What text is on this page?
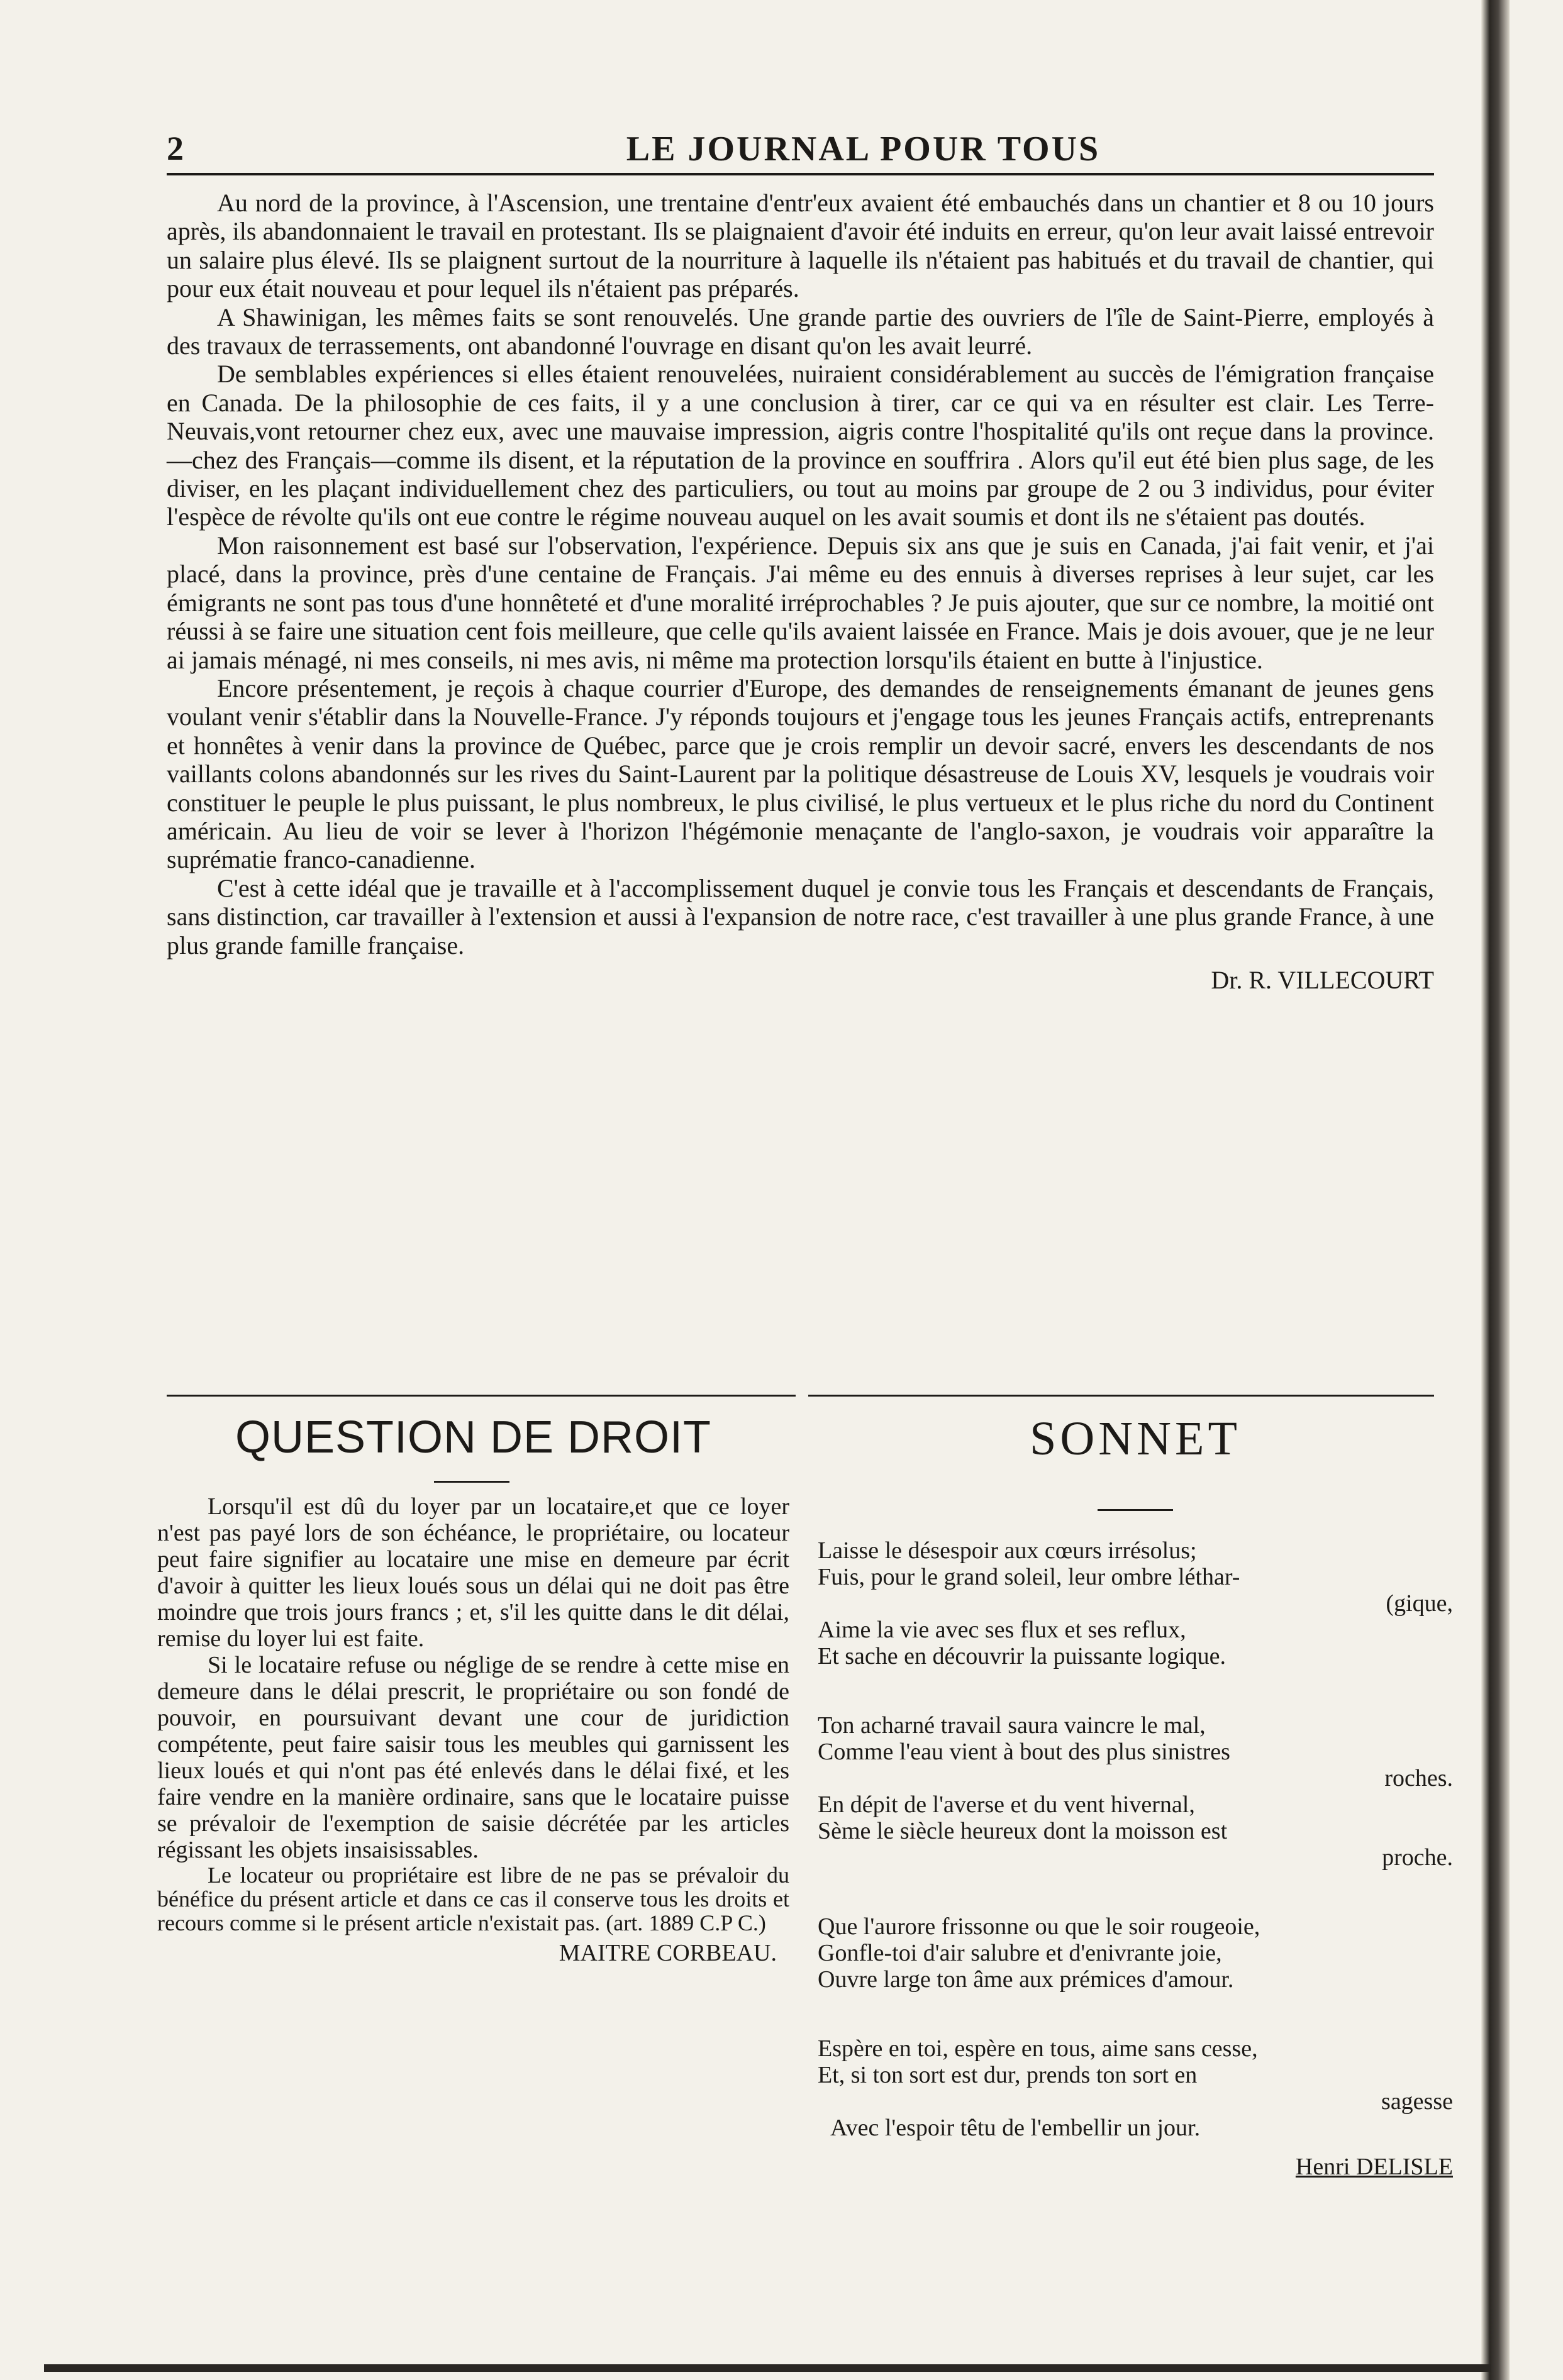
2	LE JOURNAL POUR TOUS

Au nord de la province, à l'Ascension, une trentaine d'entr'eux avaient été embauchés dans un chantier et 8 ou 10 jours après, ils abandonnaient le travail en protestant. Ils se plaignaient d'avoir été induits en erreur, qu'on leur avait laissé entrevoir un salaire plus élevé. Ils se plaignent surtout de la nourriture à laquelle ils n'étaient pas habitués et du travail de chantier, qui pour eux était nouveau et pour lequel ils n'étaient pas préparés.

A Shawinigan, les mêmes faits se sont renouvelés. Une grande partie des ouvriers de l'île de Saint-Pierre, employés à des travaux de terrassements, ont abandonné l'ouvrage en disant qu'on les avait leurré.

De semblables expériences si elles étaient renouvelées, nuiraient considérablement au succès de l'émigration française en Canada. De la philosophie de ces faits, il y a une conclusion à tirer, car ce qui va en résulter est clair. Les Terre-Neuvais,vont retourner chez eux, avec une mauvaise impression, aigris contre l'hospitalité qu'ils ont reçue dans la province.—chez des Français—comme ils disent, et la réputation de la province en souffrira . Alors qu'il eut été bien plus sage, de les diviser, en les plaçant individuellement chez des particuliers, ou tout au moins par groupe de 2 ou 3 individus, pour éviter l'espèce de révolte qu'ils ont eue contre le régime nouveau auquel on les avait soumis et dont ils ne s'étaient pas doutés.

Mon raisonnement est basé sur l'observation, l'expérience. Depuis six ans que je suis en Canada, j'ai fait venir, et j'ai placé, dans la province, près d'une centaine de Français. J'ai même eu des ennuis à diverses reprises à leur sujet, car les émigrants ne sont pas tous d'une honnêteté et d'une moralité irréprochables ? Je puis ajouter, que sur ce nombre, la moitié ont réussi à se faire une situation cent fois meilleure, que celle qu'ils avaient laissée en France. Mais je dois avouer, que je ne leur ai jamais ménagé, ni mes conseils, ni mes avis, ni même ma protection lorsqu'ils étaient en butte à l'injustice.

Encore présentement, je reçois à chaque courrier d'Europe, des demandes de renseignements émanant de jeunes gens voulant venir s'établir dans la Nouvelle-France. J'y réponds toujours et j'engage tous les jeunes Français actifs, entreprenants et honnêtes à venir dans la province de Québec, parce que je crois remplir un devoir sacré, envers les descendants de nos vaillants colons abandonnés sur les rives du Saint-Laurent par la politique désastreuse de Louis XV, lesquels je voudrais voir constituer le peuple le plus puissant, le plus nombreux, le plus civilisé, le plus vertueux et le plus riche du nord du Continent américain. Au lieu de voir se lever à l'horizon l'hégémonie menaçante de l'anglo-saxon, je voudrais voir apparaître la suprématie franco-canadienne.

C'est à cette idéal que je travaille et à l'accomplissement duquel je convie tous les Français et descendants de Français, sans distinction, car travailler à l'extension et aussi à l'expansion de notre race, c'est travailler à une plus grande France, à une plus grande famille française.

Dr. R. VILLECOURT
QUESTION DE DROIT	SONNET

Lorsqu'il est dû du loyer par un locataire,et que ce loyer n'est pas payé lors de son échéance, le propriétaire, ou locateur peut faire signifier au locataire une mise en demeure par écrit d'avoir à quitter les lieux loués sous un délai qui ne doit pas être moindre que trois jours francs ; et, s'il les quitte dans le dit délai, remise du loyer lui est faite.

Si le locataire refuse ou néglige de se rendre à cette mise en demeure dans le délai prescrit, le propriétaire ou son fondé de pouvoir, en poursuivant devant une cour de juridiction compétente, peut faire saisir tous les meubles qui garnissent les lieux loués et qui n'ont pas été enlevés dans le délai fixé, et les faire vendre en la manière ordinaire, sans que le locataire puisse se prévaloir de l'exemption de saisie décrétée par les articles régissant les objets insaisissables.

Le locateur ou propriétaire est libre de ne pas se prévaloir du bénéfice du présent article et dans ce cas il conserve tous les droits et recours comme si le présent article n'existait pas. (art. 1889 C.P C.)

MAITRE CORBEAU.
Laisse le désespoir aux cœurs irrésolus;
Fuis, pour le grand soleil, leur ombre léthar-
(gique,
Aime la vie avec ses flux et ses reflux,
Et sache en découvrir la puissante logique.
Ton acharné travail saura vaincre le mal,
Comme l'eau vient à bout des plus sinistres
roches.
En dépit de l'averse et du vent hivernal,
Sème le siècle heureux dont la moisson est
proche.
Que l'aurore frissonne ou que le soir rougeoie,
Gonfle-toi d'air salubre et d'enivrante joie,
Ouvre large ton âme aux prémices d'amour.
Espère en toi, espère en tous, aime sans cesse,
Et, si ton sort est dur, prends ton sort en
sagesse
Avec l'espoir têtu de l'embellir un jour.
Henri DELISLE
